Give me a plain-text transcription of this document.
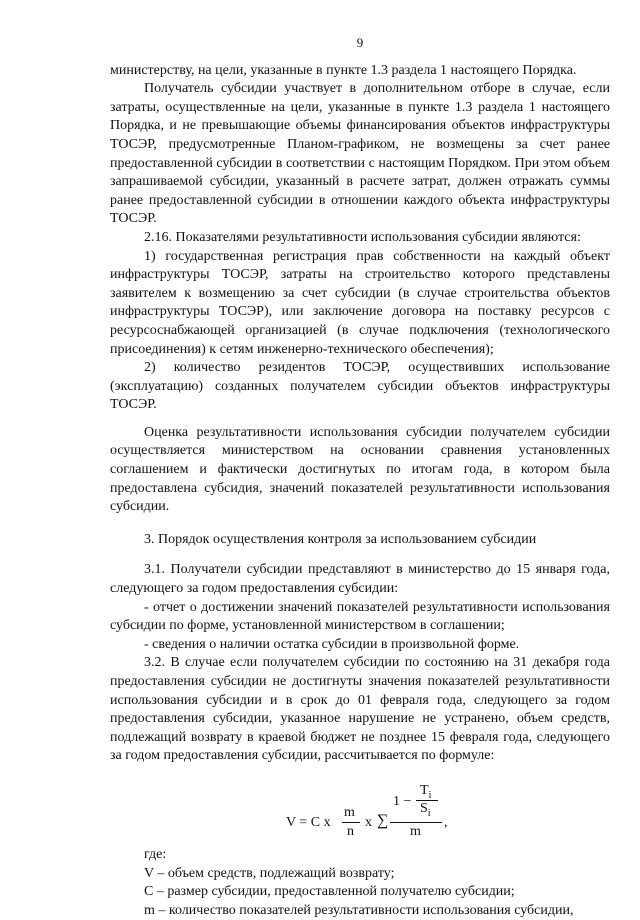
9

министерству, на цели, указанные в пункте 1.3 раздела 1 настоящего Порядка.

Получатель субсидии участвует в дополнительном отборе в случае, если затраты, осуществленные на цели, указанные в пункте 1.3 раздела 1 настоящего Порядка, и не превышающие объемы финансирования объектов инфраструктуры ТОСЭР, предусмотренные Планом-графиком, не возмещены за счет ранее предоставленной субсидии в соответствии с настоящим Порядком. При этом объем запрашиваемой субсидии, указанный в расчете затрат, должен отражать суммы ранее предоставленной субсидии в отношении каждого объекта инфраструктуры ТОСЭР.

2.16. Показателями результативности использования субсидии являются:

1) государственная регистрация прав собственности на каждый объект инфраструктуры ТОСЭР, затраты на строительство которого представлены заявителем к возмещению за счет субсидии (в случае строительства объектов инфраструктуры ТОСЭР), или заключение договора на поставку ресурсов с ресурсоснабжающей организацией (в случае подключения (технологического присоединения) к сетям инженерно-технического обеспечения);

2) количество резидентов ТОСЭР, осуществивших использование (эксплуатацию) созданных получателем субсидии объектов инфраструктуры ТОСЭР.

Оценка результативности использования субсидии получателем субсидии осуществляется министерством на основании сравнения установленных соглашением и фактически достигнутых по итогам года, в котором была предоставлена субсидия, значений показателей результативности использования субсидии.

3. Порядок осуществления контроля за использованием субсидии

3.1. Получатели субсидии представляют в министерство до 15 января года, следующего за годом предоставления субсидии:

- отчет о достижении значений показателей результативности использования субсидии по форме, установленной министерством в соглашении;

- сведения о наличии остатка субсидии в произвольной форме.

3.2. В случае если получателем субсидии по состоянию на 31 декабря года предоставления субсидии не достигнуты значения показателей результативности использования субсидии и в срок до 01 февраля года, следующего за годом предоставления субсидии, указанное нарушение не устранено, объем средств, подлежащий возврату в краевой бюджет не позднее 15 февраля года, следующего за годом предоставления субсидии, рассчитывается по формуле:

V = C x
m
n
x ∑
1 −
$T_i$
$S_i$
m
,

где:

V – объем средств, подлежащий возврату;

С – размер субсидии, предоставленной получателю субсидии;

m – количество показателей результативности использования субсидии,
